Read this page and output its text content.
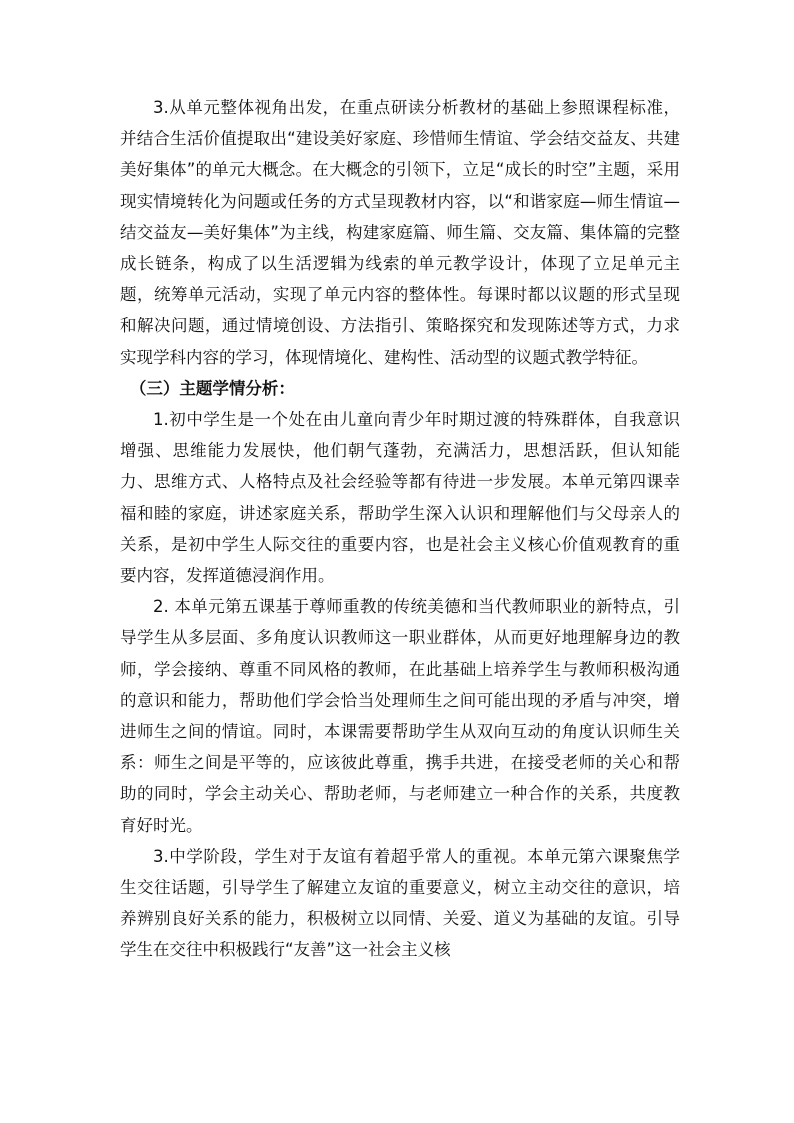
3.从单元整体视角出发，在重点研读分析教材的基础上参照课程标准，并结合生活价值提取出“建设美好家庭、珍惜师生情谊、学会结交益友、共建美好集体”的单元大概念。在大概念的引领下，立足“成长的时空”主题，采用现实情境转化为问题或任务的方式呈现教材内容，以“和谐家庭—师生情谊—结交益友—美好集体”为主线，构建家庭篇、师生篇、交友篇、集体篇的完整成长链条，构成了以生活逻辑为线索的单元教学设计，体现了立足单元主题，统筹单元活动，实现了单元内容的整体性。每课时都以议题的形式呈现和解决问题，通过情境创设、方法指引、策略探究和发现陈述等方式，力求实现学科内容的学习，体现情境化、建构性、活动型的议题式教学特征。

（三）主题学情分析：

1.初中学生是一个处在由儿童向青少年时期过渡的特殊群体，自我意识增强、思维能力发展快，他们朝气蓬勃，充满活力，思想活跃，但认知能力、思维方式、人格特点及社会经验等都有待进一步发展。本单元第四课幸福和睦的家庭，讲述家庭关系，帮助学生深入认识和理解他们与父母亲人的关系，是初中学生人际交往的重要内容，也是社会主义核心价值观教育的重要内容，发挥道德浸润作用。

2. 本单元第五课基于尊师重教的传统美德和当代教师职业的新特点，引导学生从多层面、多角度认识教师这一职业群体，从而更好地理解身边的教师，学会接纳、尊重不同风格的教师，在此基础上培养学生与教师积极沟通的意识和能力，帮助他们学会恰当处理师生之间可能出现的矛盾与冲突，增进师生之间的情谊。同时，本课需要帮助学生从双向互动的角度认识师生关系：师生之间是平等的，应该彼此尊重，携手共进，在接受老师的关心和帮助的同时，学会主动关心、帮助老师，与老师建立一种合作的关系，共度教育好时光。

3.中学阶段，学生对于友谊有着超乎常人的重视。本单元第六课聚焦学生交往话题，引导学生了解建立友谊的重要意义，树立主动交往的意识，培养辨别良好关系的能力，积极树立以同情、关爱、道义为基础的友谊。引导学生在交往中积极践行“友善”这一社会主义核
